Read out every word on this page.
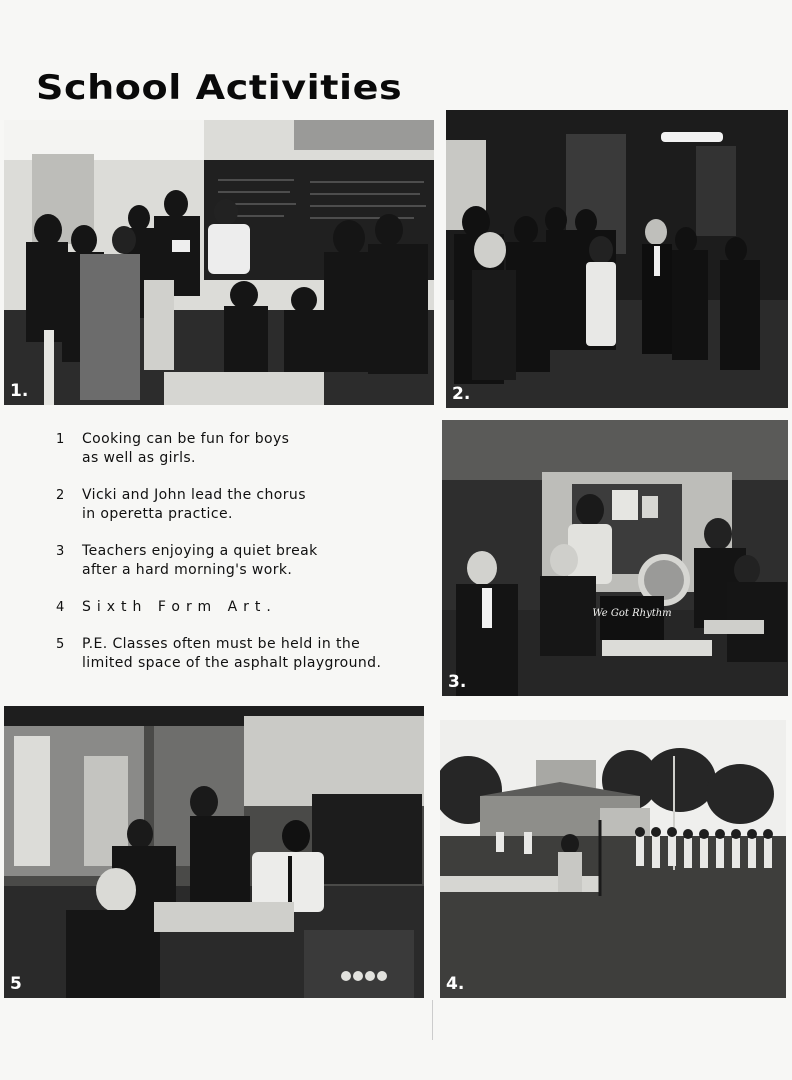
School Activities
1.	2.
We Got Rhythm
3.
5	4.
1	Cooking can be fun for boys
as well as girls.
2	Vicki and John lead the chorus
in operetta practice.
3	Teachers enjoying a quiet break
after a hard morning's work.
4	Sixth Form Art.
5	P.E. Classes often must be held in the
limited space of the asphalt playground.
